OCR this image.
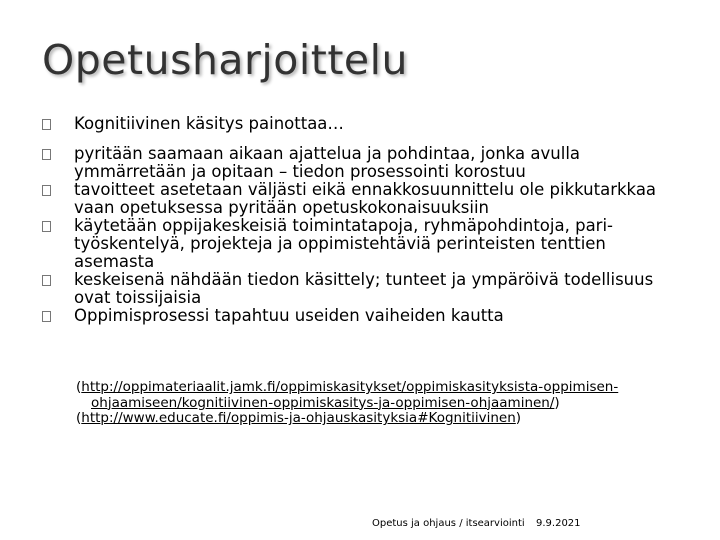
Opetusharjoittelu
Kognitiivinen käsitys painottaa…
pyritään saamaan aikaan ajattelua ja pohdintaa, jonka avulla ymmärretään ja opitaan – tiedon prosessointi korostuu
tavoitteet asetetaan väljästi eikä ennakkosuunnittelu ole pikkutarkkaa vaan opetuksessa pyritään opetuskokonaisuuksiin
käytetään oppijakeskeisiä toimintatapoja, ryhmäpohdintoja, pari-työskentelyä, projekteja ja oppimistehtäviä perinteisten tenttien asemasta
keskeisenä nähdään tiedon käsittely; tunteet ja ympäröivä todellisuus ovat toissijaisia
Oppimisprosessi tapahtuu useiden vaiheiden kautta
(http://oppimateriaalit.jamk.fi/oppimiskasitykset/oppimiskasityksista-oppimisen-ohjaamiseen/kognitiivinen-oppimiskasitys-ja-oppimisen-ohjaaminen/)
(http://www.educate.fi/oppimis-ja-ohjauskasityksia#Kognitiivinen)
Opetus ja ohjaus / itsearviointi 9.9.2021
